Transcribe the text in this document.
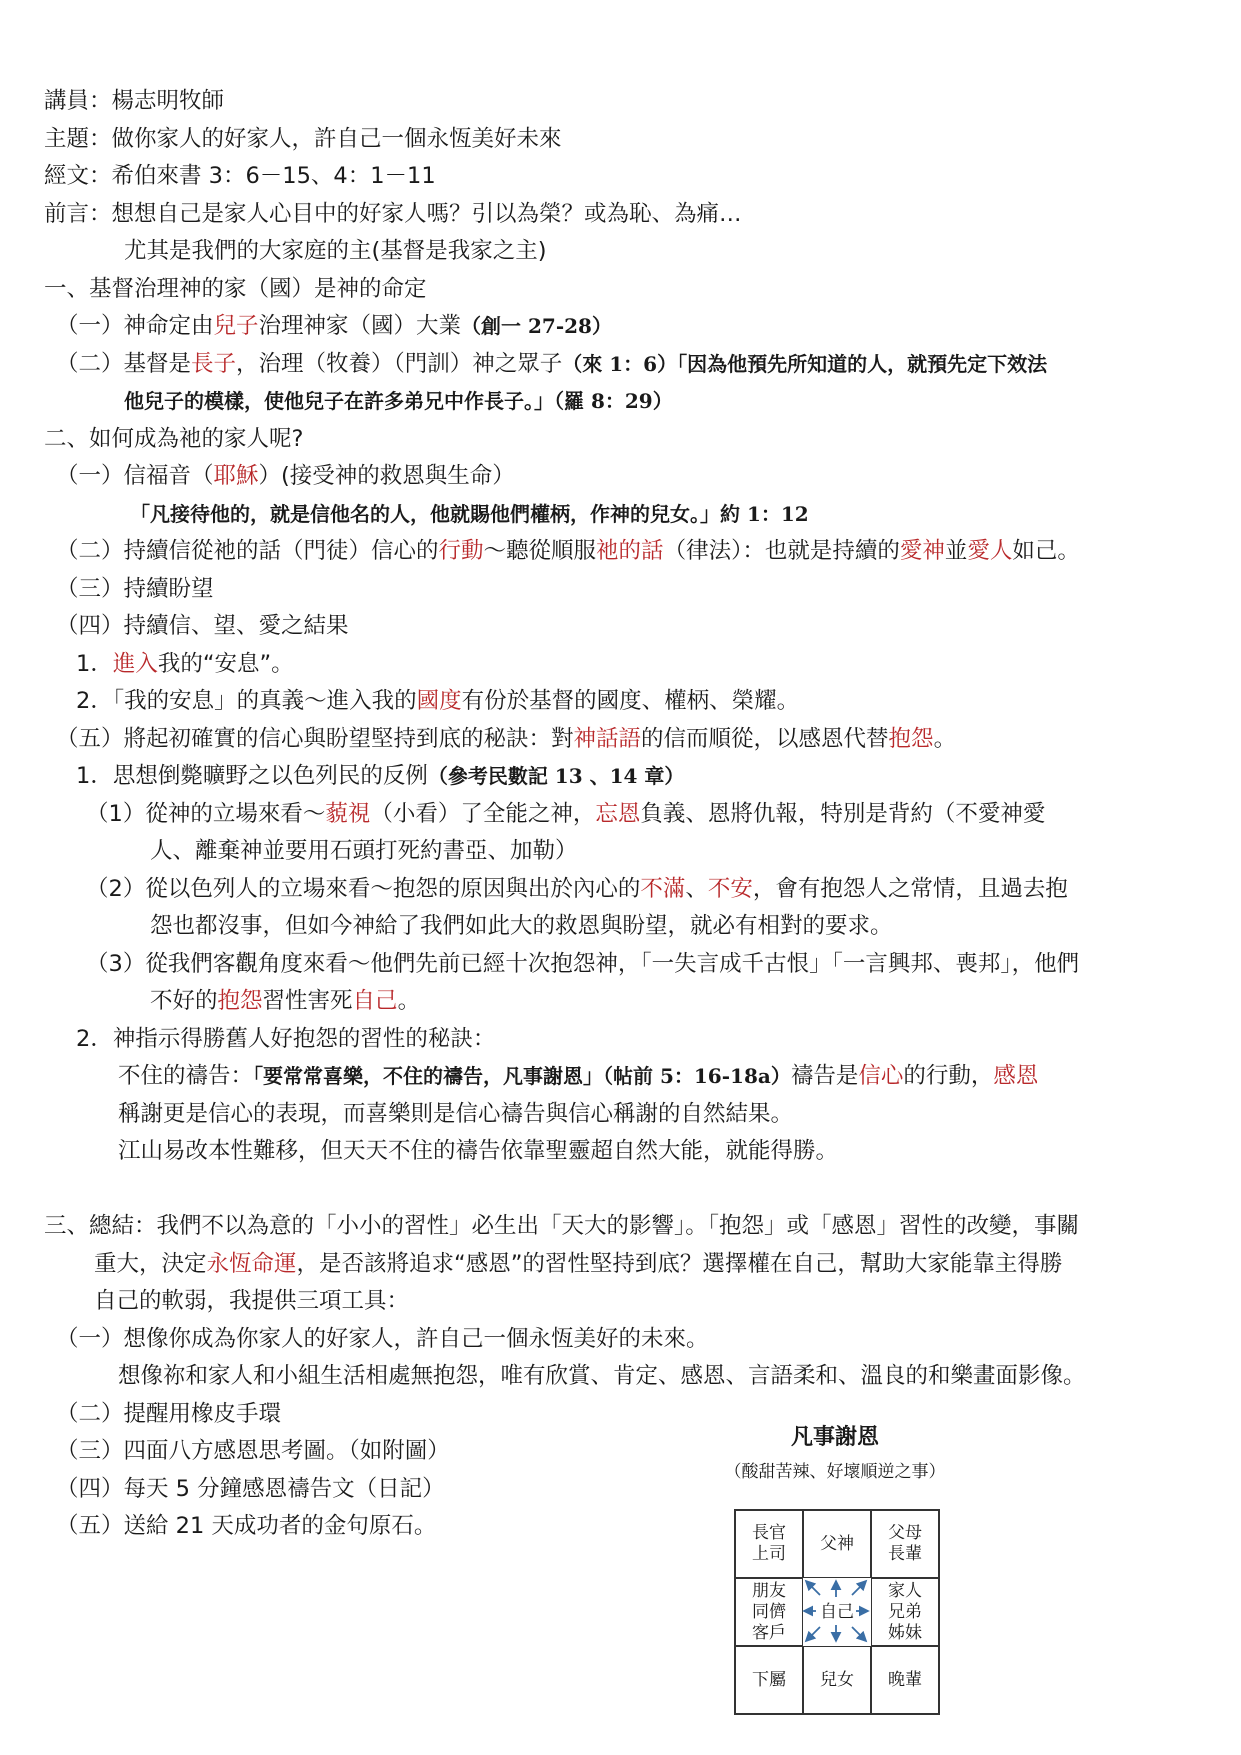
講員：楊志明牧師
主題：做你家人的好家人，許自己一個永恆美好未來
經文：希伯來書 3：6－15、4：1－11
前言：想想自己是家人心目中的好家人嗎？引以為榮？或為恥、為痛…
尤其是我們的大家庭的主(基督是我家之主)
一、基督治理神的家（國）是神的命定
（一）神命定由兒子治理神家（國）大業（創一 27-28）
（二）基督是長子，治理（牧養）（門訓）神之眾子（來 1：6）「因為他預先所知道的人，就預先定下效法
他兒子的模樣，使他兒子在許多弟兄中作長子。」（羅 8：29）
二、如何成為祂的家人呢?
（一）信福音（耶穌）(接受神的救恩與生命）
「凡接待他的，就是信他名的人，他就賜他們權柄，作神的兒女。」約 1：12
（二）持續信從祂的話（門徒）信心的行動～聽從順服祂的話（律法）：也就是持續的愛神並愛人如己。
（三）持續盼望
（四）持續信、望、愛之結果
1．進入我的“安息”。
2．「我的安息」的真義～進入我的國度有份於基督的國度、權柄、榮耀。
（五）將起初確實的信心與盼望堅持到底的秘訣：對神話語的信而順從，以感恩代替抱怨。
1．思想倒斃曠野之以色列民的反例（參考民數記 13 、14 章）
（1）從神的立場來看～藐視（小看）了全能之神，忘恩負義、恩將仇報，特別是背約（不愛神愛
人、離棄神並要用石頭打死約書亞、加勒）
（2）從以色列人的立場來看～抱怨的原因與出於內心的不滿、不安，會有抱怨人之常情，且過去抱
怨也都沒事，但如今神給了我們如此大的救恩與盼望，就必有相對的要求。
（3）從我們客觀角度來看～他們先前已經十次抱怨神，「一失言成千古恨」「一言興邦、喪邦」，他們
不好的抱怨習性害死自己。
2．神指示得勝舊人好抱怨的習性的秘訣：
不住的禱告：「要常常喜樂，不住的禱告，凡事謝恩」（帖前 5：16-18a）禱告是信心的行動，感恩
稱謝更是信心的表現，而喜樂則是信心禱告與信心稱謝的自然結果。
江山易改本性難移，但天天不住的禱告依靠聖靈超自然大能，就能得勝。
三、總結：我們不以為意的「小小的習性」必生出「天大的影響」。「抱怨」或「感恩」習性的改變，事關
重大，決定永恆命運，是否該將追求“感恩”的習性堅持到底？選擇權在自己，幫助大家能靠主得勝
自己的軟弱，我提供三項工具：
（一）想像你成為你家人的好家人，許自己一個永恆美好的未來。
想像祢和家人和小組生活相處無抱怨，唯有欣賞、肯定、感恩、言語柔和、溫良的和樂畫面影像。
（二）提醒用橡皮手環
（三）四面八方感恩思考圖。（如附圖）
（四）每天 5 分鐘感恩禱告文（日記）
（五）送給 21 天成功者的金句原石。
凡事謝恩
（酸甜苦辣、好壞順逆之事）
長官
上司
父神
父母
長輩
朋友
同儕
客戶
自己
家人
兄弟
姊妹
下屬	兒女	晚輩
